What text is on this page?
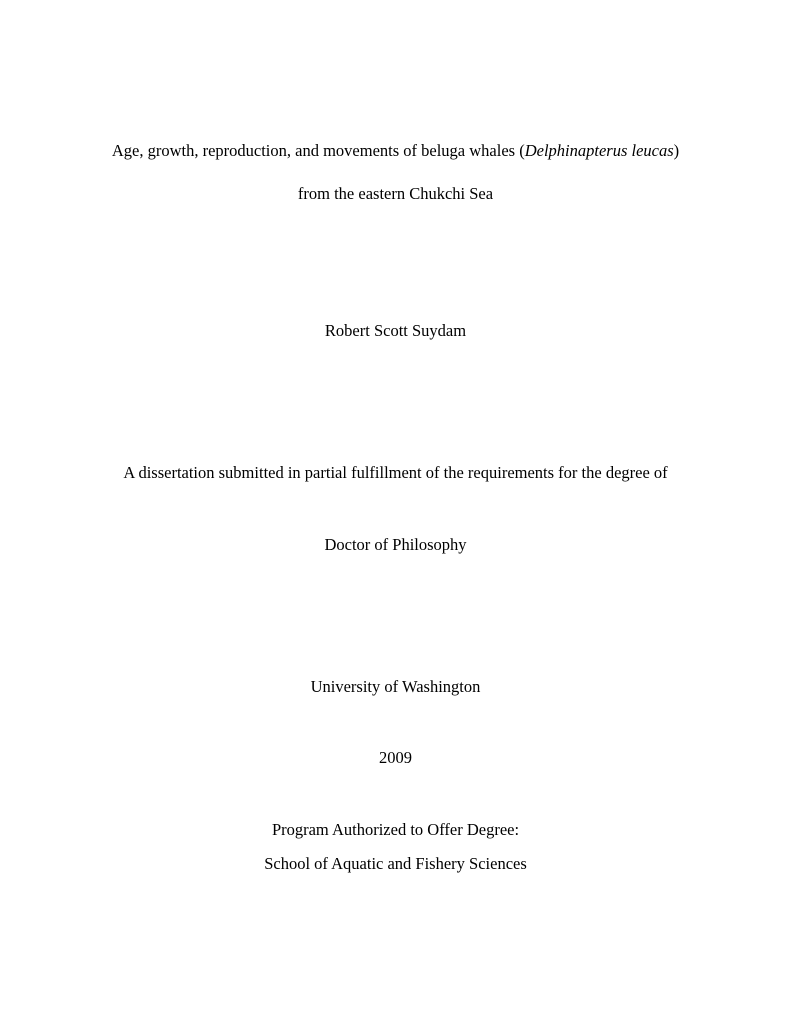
Age, growth, reproduction, and movements of beluga whales (Delphinapterus leucas)
from the eastern Chukchi Sea
Robert Scott Suydam
A dissertation submitted in partial fulfillment of the requirements for the degree of
Doctor of Philosophy
University of Washington
2009
Program Authorized to Offer Degree:
School of Aquatic and Fishery Sciences
